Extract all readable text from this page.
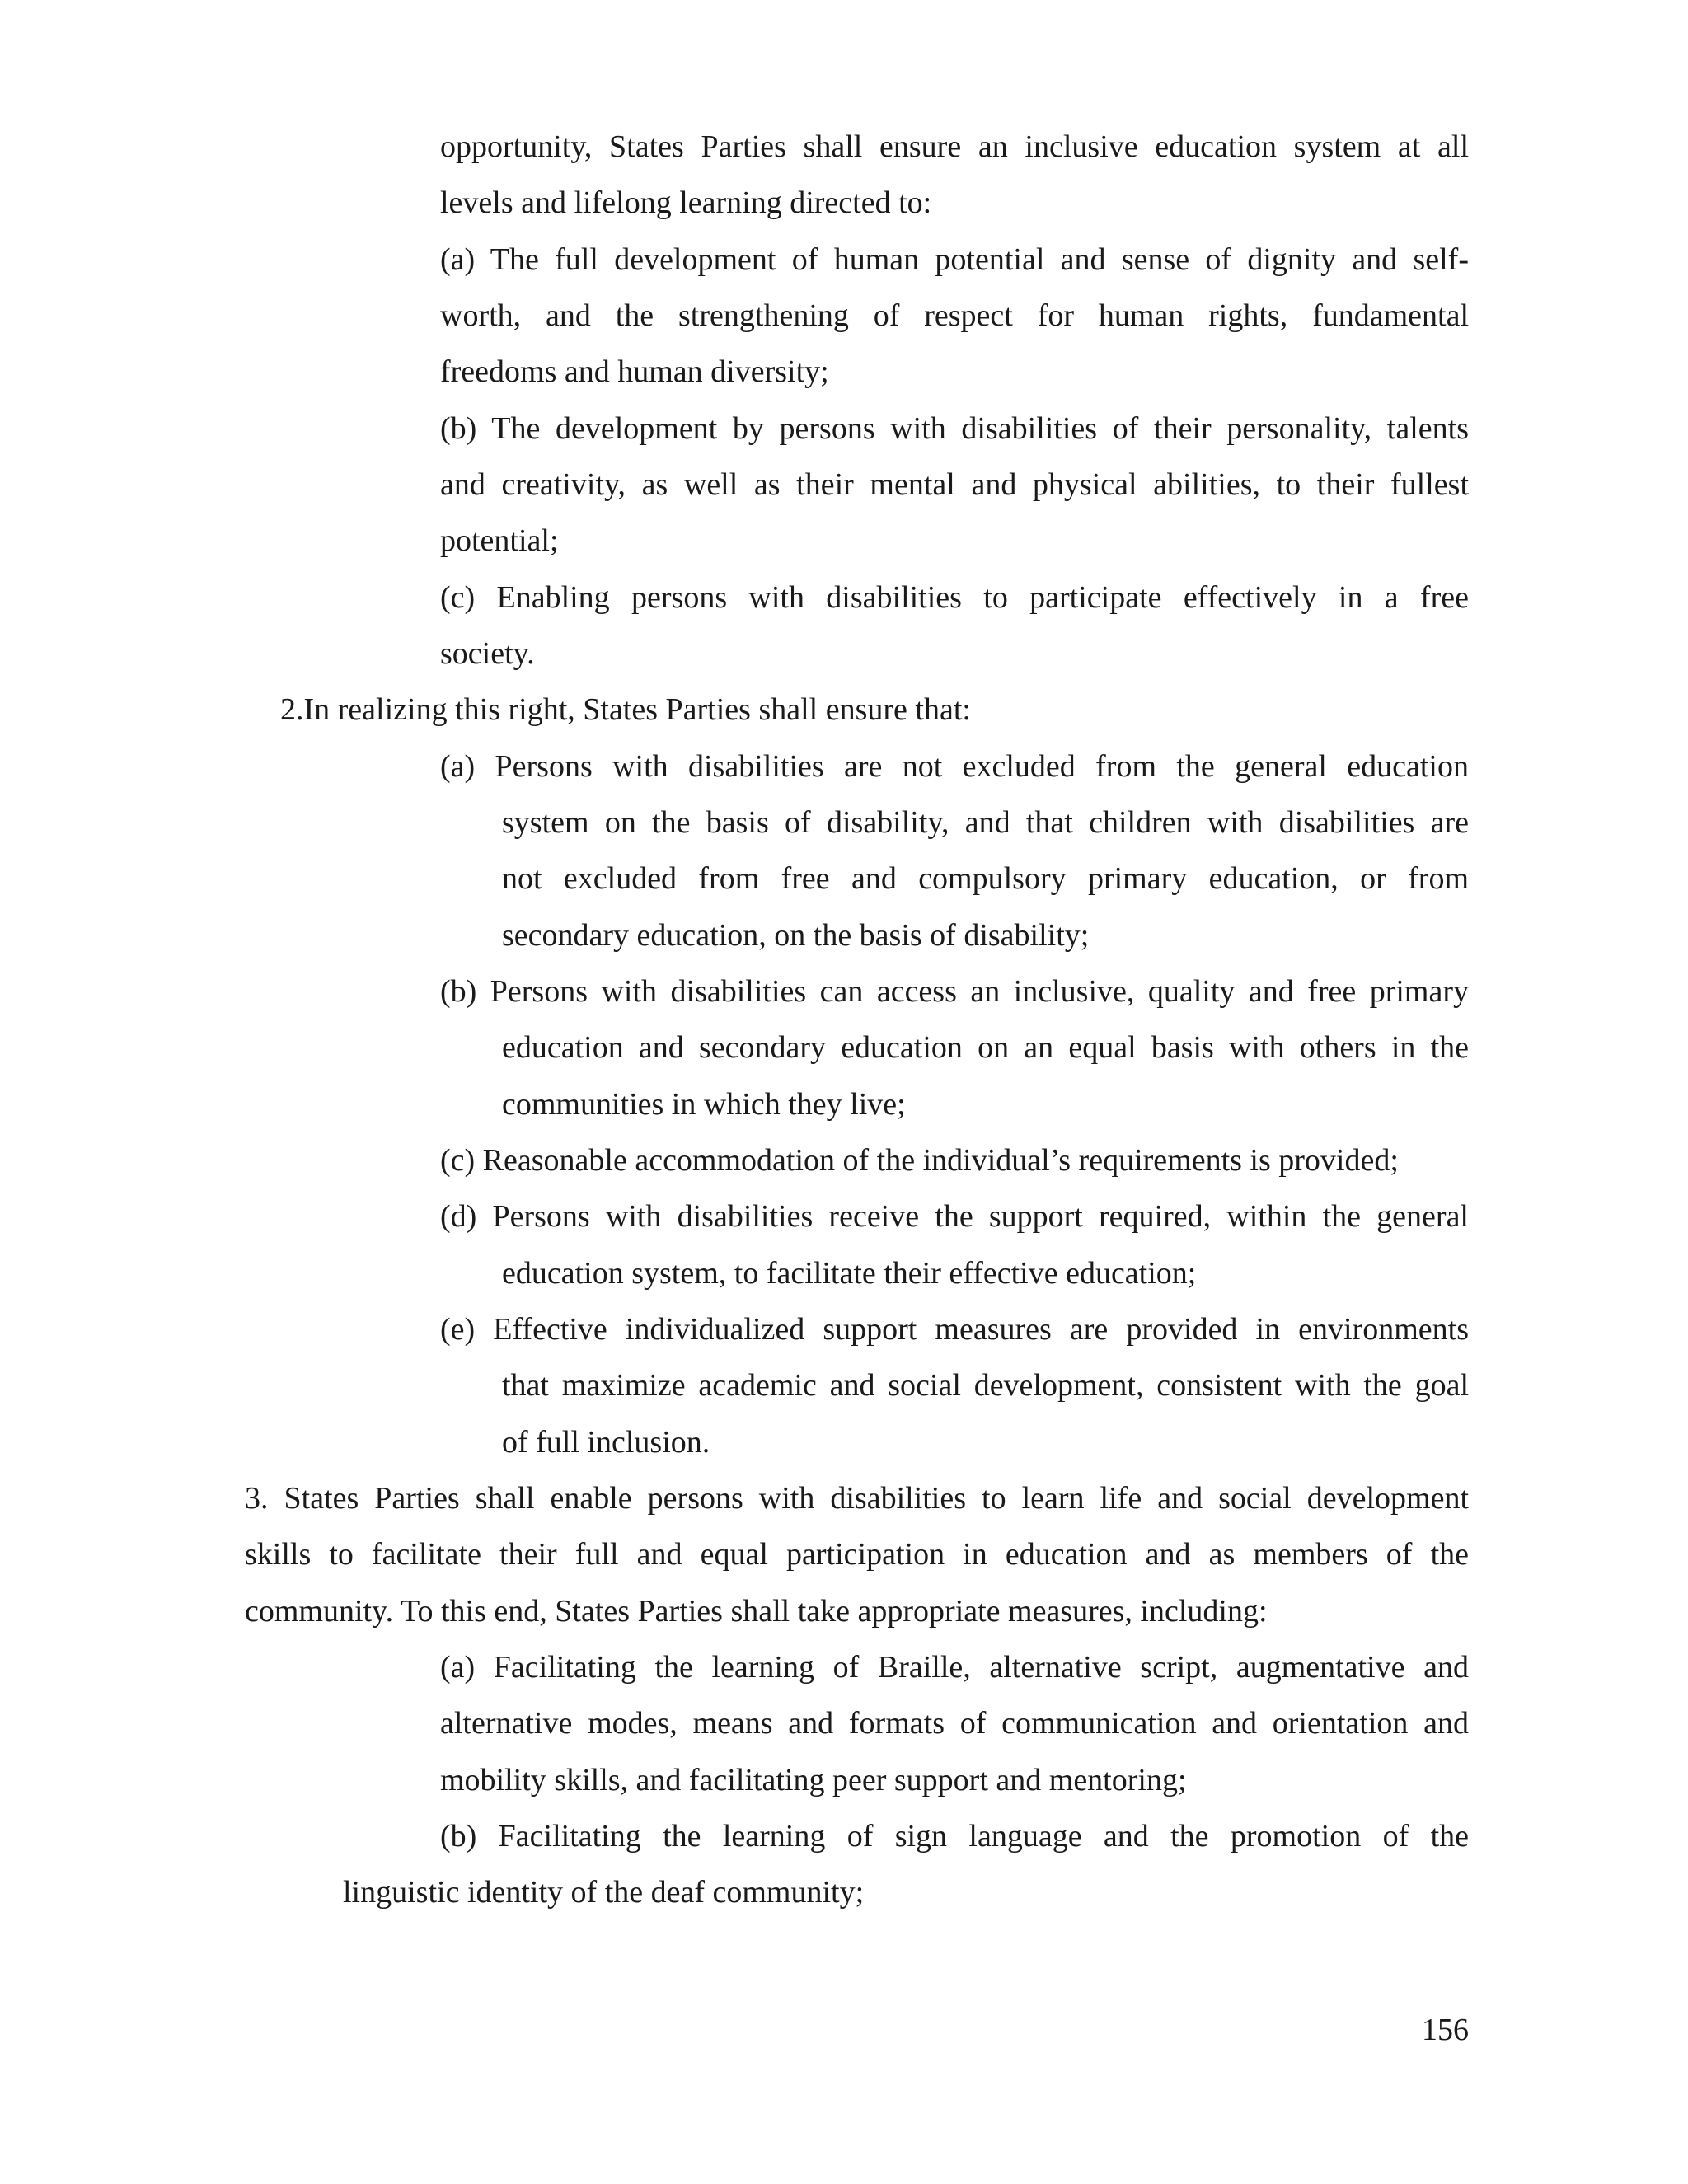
opportunity, States Parties shall ensure an inclusive education system at all
levels and lifelong learning directed to:
(a) The full development of human potential and sense of dignity and self-
worth, and the strengthening of respect for human rights, fundamental
freedoms and human diversity;
(b) The development by persons with disabilities of their personality, talents
and creativity, as well as their mental and physical abilities, to their fullest
potential;
(c) Enabling persons with disabilities to participate effectively in a free
society.
2.In realizing this right, States Parties shall ensure that:
(a) Persons with disabilities are not excluded from the general education
system on the basis of disability, and that children with disabilities are
not excluded from free and compulsory primary education, or from
secondary education, on the basis of disability;
(b) Persons with disabilities can access an inclusive, quality and free primary
education and secondary education on an equal basis with others in the
communities in which they live;
(c) Reasonable accommodation of the individual’s requirements is provided;
(d) Persons with disabilities receive the support required, within the general
education system, to facilitate their effective education;
(e) Effective individualized support measures are provided in environments
that maximize academic and social development, consistent with the goal
of full inclusion.
3. States Parties shall enable persons with disabilities to learn life and social development
skills to facilitate their full and equal participation in education and as members of the
community. To this end, States Parties shall take appropriate measures, including:
(a) Facilitating the learning of Braille, alternative script, augmentative and
alternative modes, means and formats of communication and orientation and
mobility skills, and facilitating peer support and mentoring;
(b) Facilitating the learning of sign language and the promotion of the
linguistic identity of the deaf community;
156
